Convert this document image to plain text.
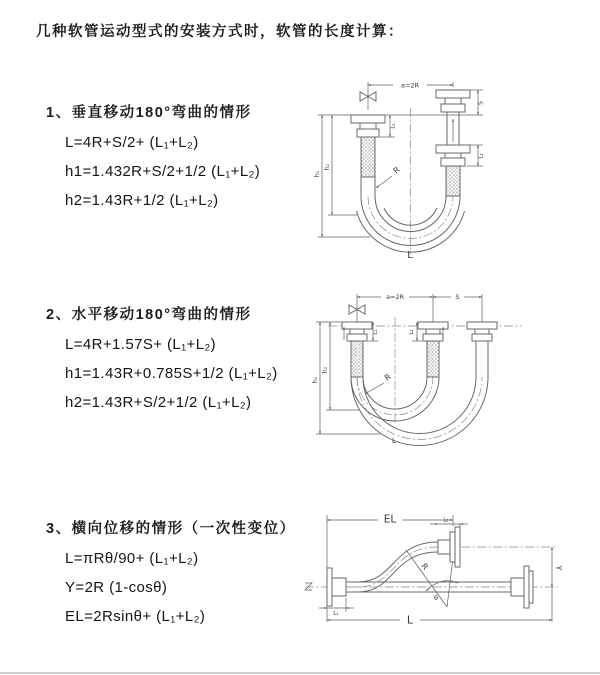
几种软管运动型式的安装方式时，软管的长度计算：
1、垂直移动180°弯曲的情形
L=4R+S/2+ (L₁+L₂)
h1=1.432R+S/2+1/2 (L₁+L₂)
h2=1.43R+1/2 (L₁+L₂)
2、水平移动180°弯曲的情形
L=4R+1.57S+ (L₁+L₂)
h1=1.43R+0.785S+1/2 (L₁+L₂)
h2=1.43R+S/2+1/2 (L₁+L₂)
3、横向位移的情形（一次性变位）
L=πRθ/90+ (L₁+L₂)
Y=2R (1-cosθ)
EL=2Rsinθ+ (L₁+L₂)
a=2R
h₁
h₂
L₁
S
L₂
R
L
a=2R	S
h₁
h₂
L₁	L₂
R
L
EL	L₂
Y
R
θ
L
L₁
